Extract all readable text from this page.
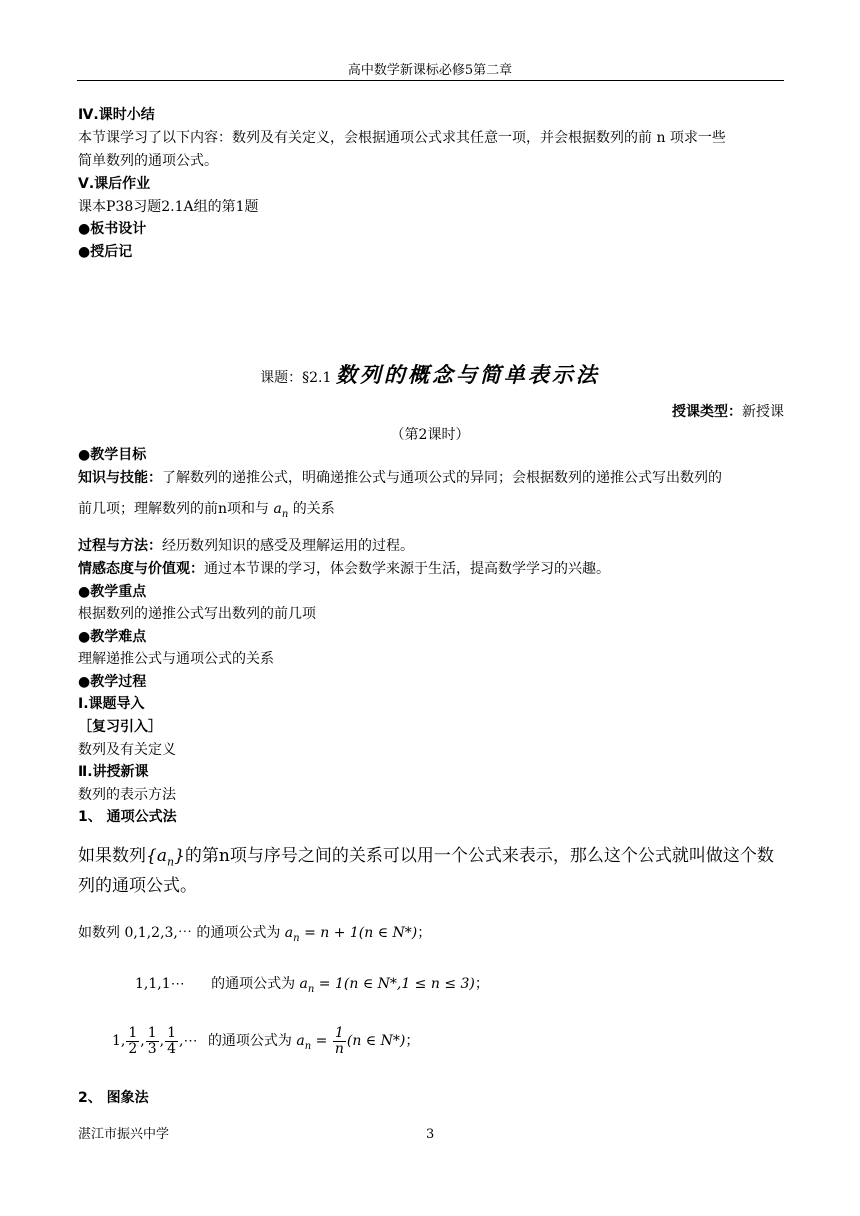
高中数学新课标必修5第二章
Ⅳ.课时小结
本节课学习了以下内容：数列及有关定义，会根据通项公式求其任意一项，并会根据数列的前 n 项求一些
简单数列的通项公式。
Ⅴ.课后作业
课本P38习题2.1A组的第1题
●板书设计
●授后记
课题：§2.1 数列的概念与简单表示法
授课类型：新授课
（第2课时）
●教学目标
知识与技能：了解数列的递推公式，明确递推公式与通项公式的异同；会根据数列的递推公式写出数列的
前几项；理解数列的前n项和与 $a_n$ 的关系
过程与方法：经历数列知识的感受及理解运用的过程。
情感态度与价值观：通过本节课的学习，体会数学来源于生活，提高数学学习的兴趣。
●教学重点
根据数列的递推公式写出数列的前几项
●教学难点
理解递推公式与通项公式的关系
●教学过程
Ⅰ.课题导入
［复习引入］
数列及有关定义
Ⅱ.讲授新课
数列的表示方法
1、 通项公式法
如果数列$\{a_n\}$的第n项与序号之间的关系可以用一个公式来表示，那么这个公式就叫做这个数
列的通项公式。
如数列 0,1,2,3,⋯ 的通项公式为 $a_n = n + 1(n$ ∈ N*)；
1,1,1⋯ 的通项公式为 $a_n = 1(n$ ∈ N*,1 ≤ n ≤ 3)；
1, $\frac{1}{2}$ , $\frac{1}{3}$ , $\frac{1}{4}$ ,⋯ 的通项公式为 $a_n = \frac{1}{n} (n$ ∈ N*)；
2、 图象法
湛江市振兴中学	3
